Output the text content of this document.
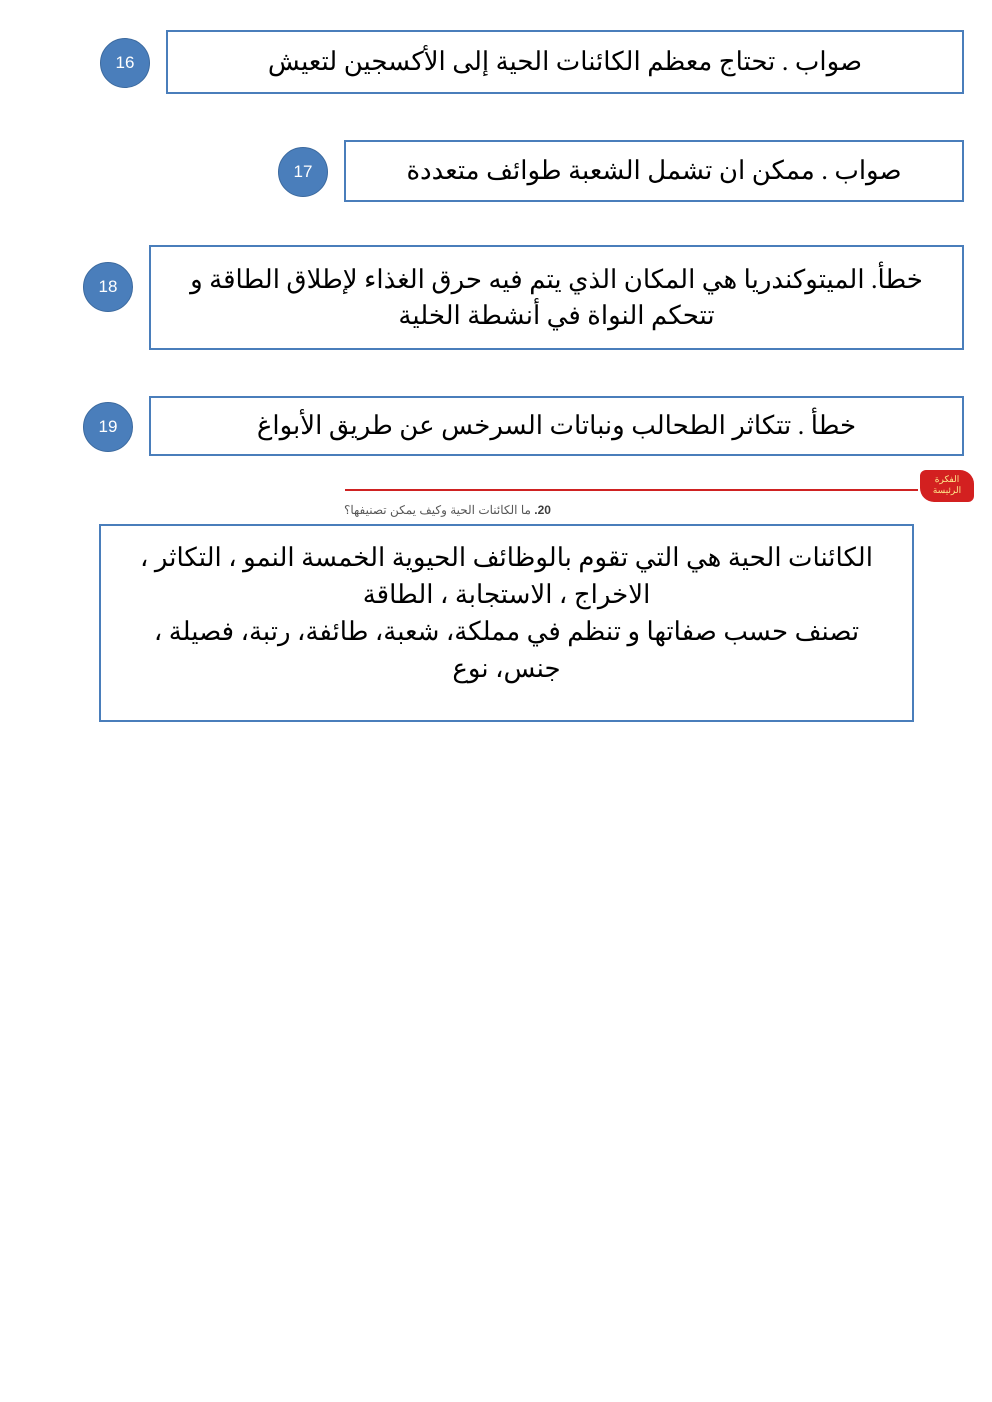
16	صواب . تحتاج معظم الكائنات الحية إلى الأكسجين لتعيش
17	صواب . ممكن ان تشمل الشعبة طوائف متعددة
18	خطأ. الميتوكندريا هي المكان الذي يتم فيه حرق الغذاء لإطلاق الطاقة و تتحكم النواة في أنشطة الخلية
19	خطأ . تتكاثر الطحالب ونباتات السرخس عن طريق الأبواغ
الفكرة
الرئيسة
20. ما الكائنات الحية وكيف يمكن تصنيفها؟

الكائنات الحية هي التي تقوم بالوظائف الحيوية الخمسة النمو ، التكاثر ، الاخراج ، الاستجابة ، الطاقة

تصنف حسب صفاتها و تنظم في مملكة، شعبة، طائفة، رتبة، فصيلة ، جنس، نوع
